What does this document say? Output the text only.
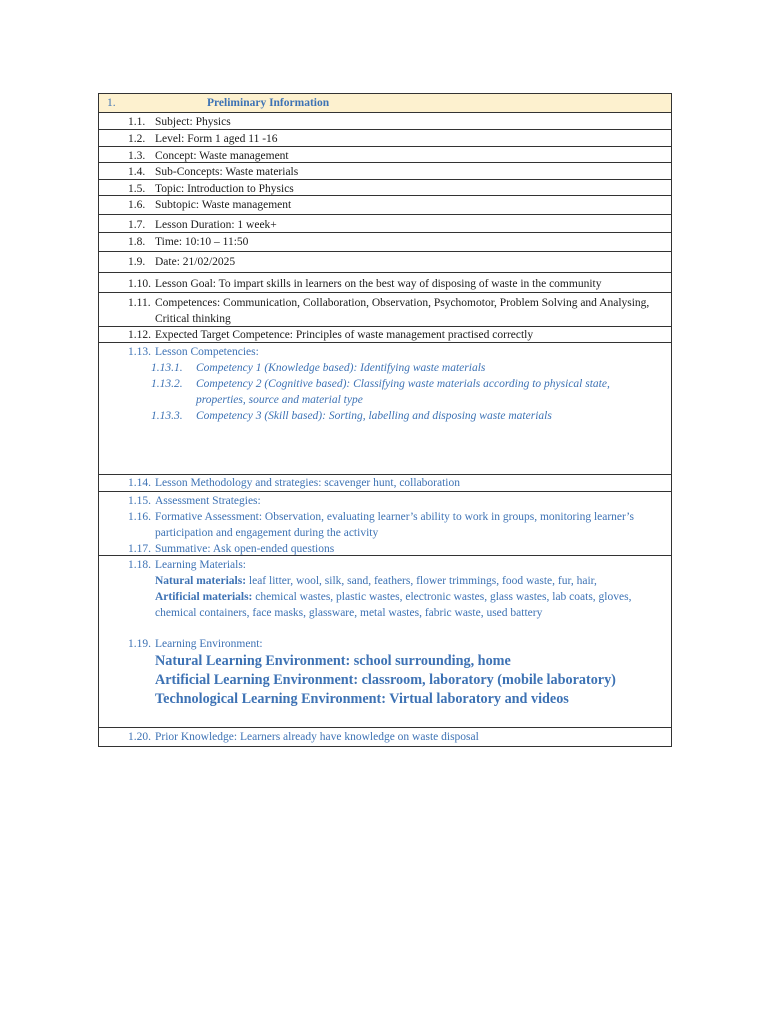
1.	Preliminary Information
1.1. Subject: Physics
1.2. Level: Form 1 aged 11 -16
1.3. Concept: Waste management
1.4. Sub-Concepts: Waste materials
1.5. Topic: Introduction to Physics
1.6. Subtopic: Waste management
1.7. Lesson Duration: 1 week+
1.8. Time: 10:10 – 11:50
1.9. Date: 21/02/2025
1.10. Lesson Goal: To impart skills in learners on the best way of disposing of waste in the community
1.11. Competences: Communication, Collaboration, Observation, Psychomotor, Problem Solving and Analysing, Critical thinking
1.12. Expected Target Competence: Principles of waste management practised correctly
1.13. Lesson Competencies:
1.13.1. Competency 1 (Knowledge based): Identifying waste materials
1.13.2. Competency 2 (Cognitive based): Classifying waste materials according to physical state, properties, source and material type
1.13.3. Competency 3 (Skill based): Sorting, labelling and disposing waste materials
1.14. Lesson Methodology and strategies: scavenger hunt, collaboration
1.15. Assessment Strategies:
1.16. Formative Assessment: Observation, evaluating learner’s ability to work in groups, monitoring learner’s participation and engagement during the activity
1.17. Summative: Ask open-ended questions
1.18. Learning Materials:
Natural materials: leaf litter, wool, silk, sand, feathers, flower trimmings, food waste, fur, hair,
Artificial materials: chemical wastes, plastic wastes, electronic wastes, glass wastes, lab coats, gloves, chemical containers, face masks, glassware, metal wastes, fabric waste, used battery
1.19. Learning Environment:
Natural Learning Environment: school surrounding, home
Artificial Learning Environment: classroom, laboratory (mobile laboratory)
Technological Learning Environment: Virtual laboratory and videos
1.20. Prior Knowledge: Learners already have knowledge on waste disposal
